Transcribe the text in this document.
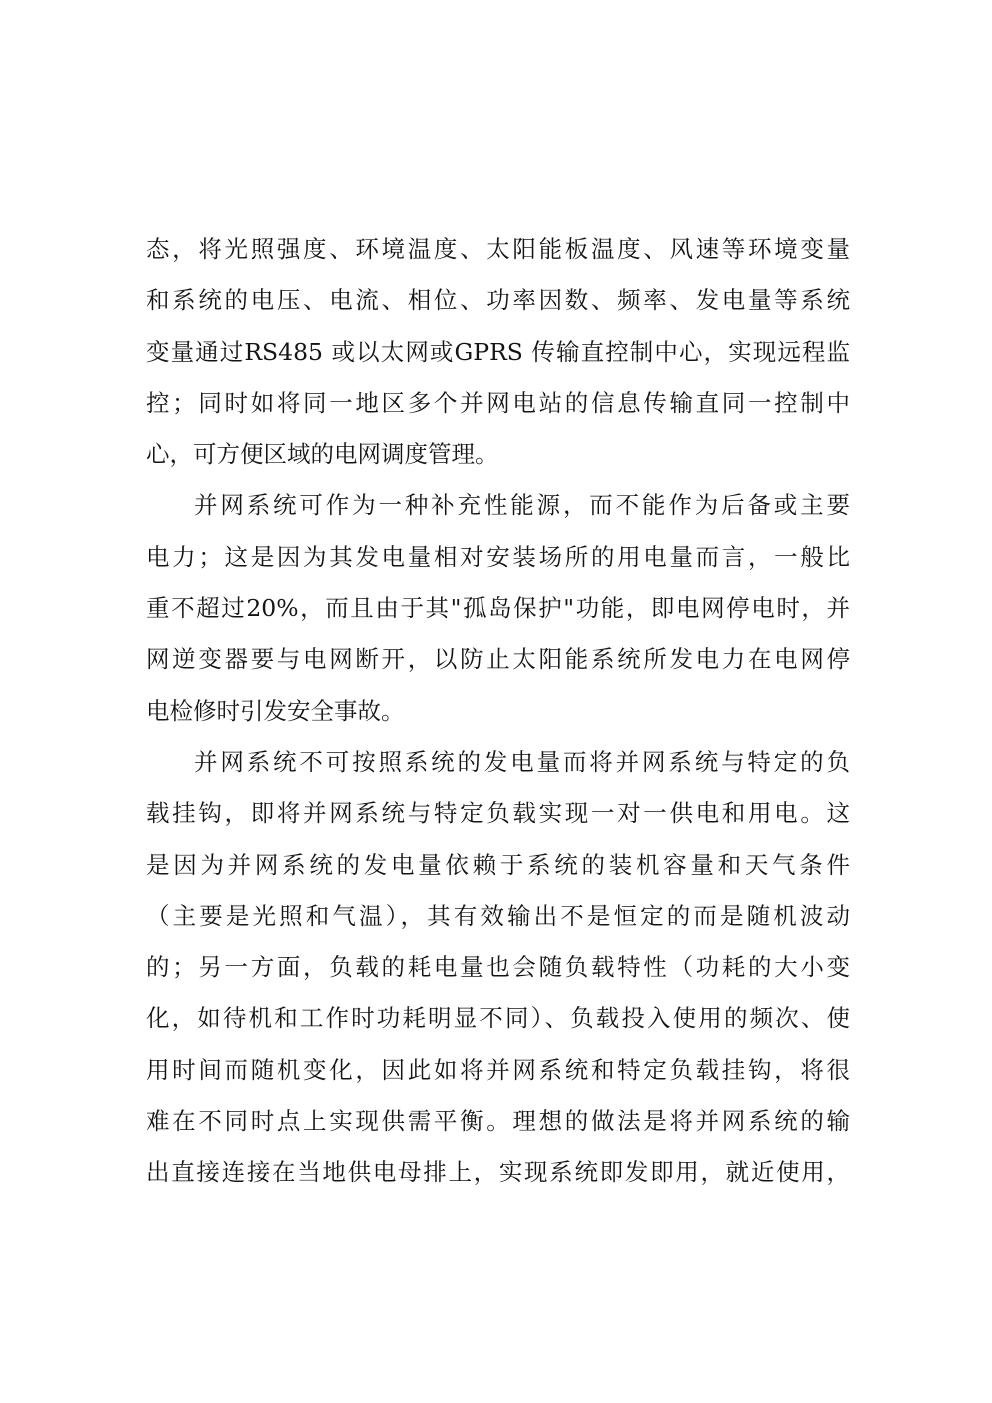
态，将光照强度、环境温度、太阳能板温度、风速等环境变量
和系统的电压、电流、相位、功率因数、频率、发电量等系统
变量通过RS485 或以太网或GPRS 传输直控制中心，实现远程监
控；同时如将同一地区多个并网电站的信息传输直同一控制中
心，可方便区域的电网调度管理。
并网系统可作为一种补充性能源，而不能作为后备或主要
电力；这是因为其发电量相对安装场所的用电量而言，一般比
重不超过20%，而且由于其"孤岛保护"功能，即电网停电时，并
网逆变器要与电网断开，以防止太阳能系统所发电力在电网停
电检修时引发安全事故。
并网系统不可按照系统的发电量而将并网系统与特定的负
载挂钩，即将并网系统与特定负载实现一对一供电和用电。这
是因为并网系统的发电量依赖于系统的装机容量和天气条件
（主要是光照和气温），其有效输出不是恒定的而是随机波动
的；另一方面，负载的耗电量也会随负载特性（功耗的大小变
化，如待机和工作时功耗明显不同）、负载投入使用的频次、使
用时间而随机变化，因此如将并网系统和特定负载挂钩，将很
难在不同时点上实现供需平衡。理想的做法是将并网系统的输
出直接连接在当地供电母排上，实现系统即发即用，就近使用，
